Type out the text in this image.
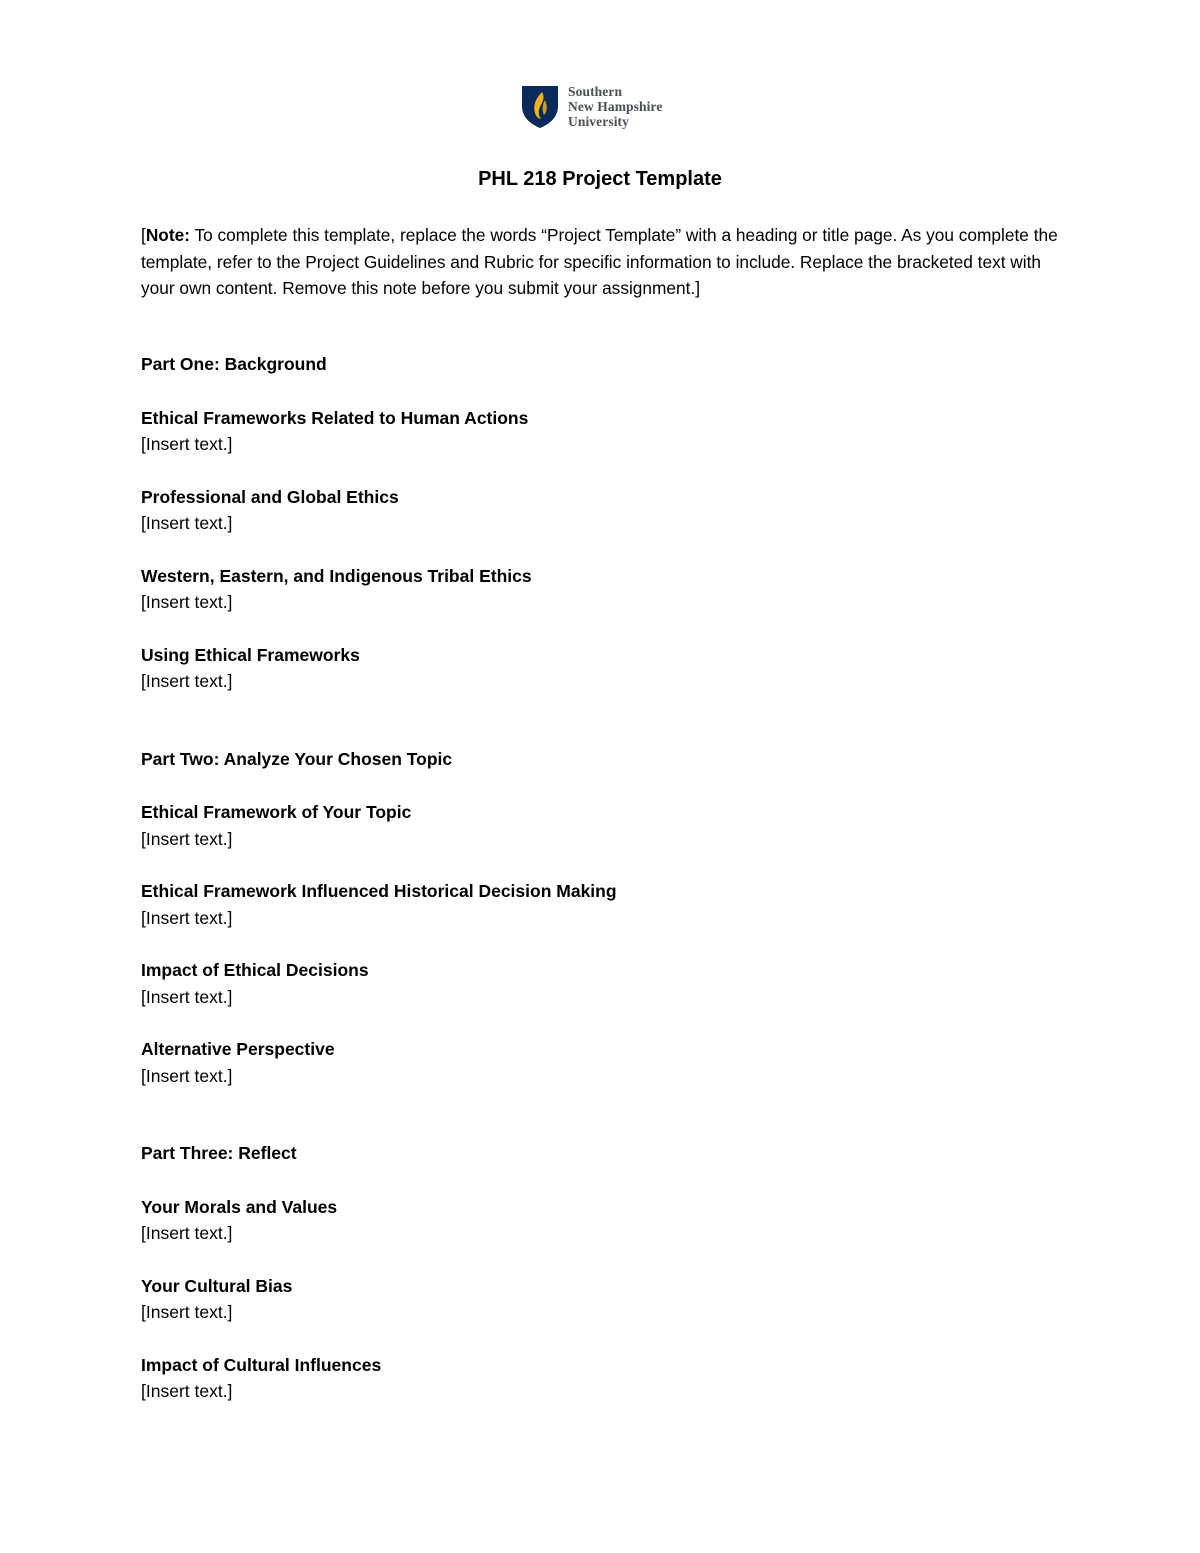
Southern
New Hampshire
University
PHL 218 Project Template
[Note: To complete this template, replace the words “Project Template” with a heading or title page. As you complete the template, refer to the Project Guidelines and Rubric for specific information to include. Replace the bracketed text with your own content. Remove this note before you submit your assignment.]
Part One: Background
Ethical Frameworks Related to Human Actions
[Insert text.]
Professional and Global Ethics
[Insert text.]
Western, Eastern, and Indigenous Tribal Ethics
[Insert text.]
Using Ethical Frameworks
[Insert text.]
Part Two: Analyze Your Chosen Topic
Ethical Framework of Your Topic
[Insert text.]
Ethical Framework Influenced Historical Decision Making
[Insert text.]
Impact of Ethical Decisions
[Insert text.]
Alternative Perspective
[Insert text.]
Part Three: Reflect
Your Morals and Values
[Insert text.]
Your Cultural Bias
[Insert text.]
Impact of Cultural Influences
[Insert text.]
